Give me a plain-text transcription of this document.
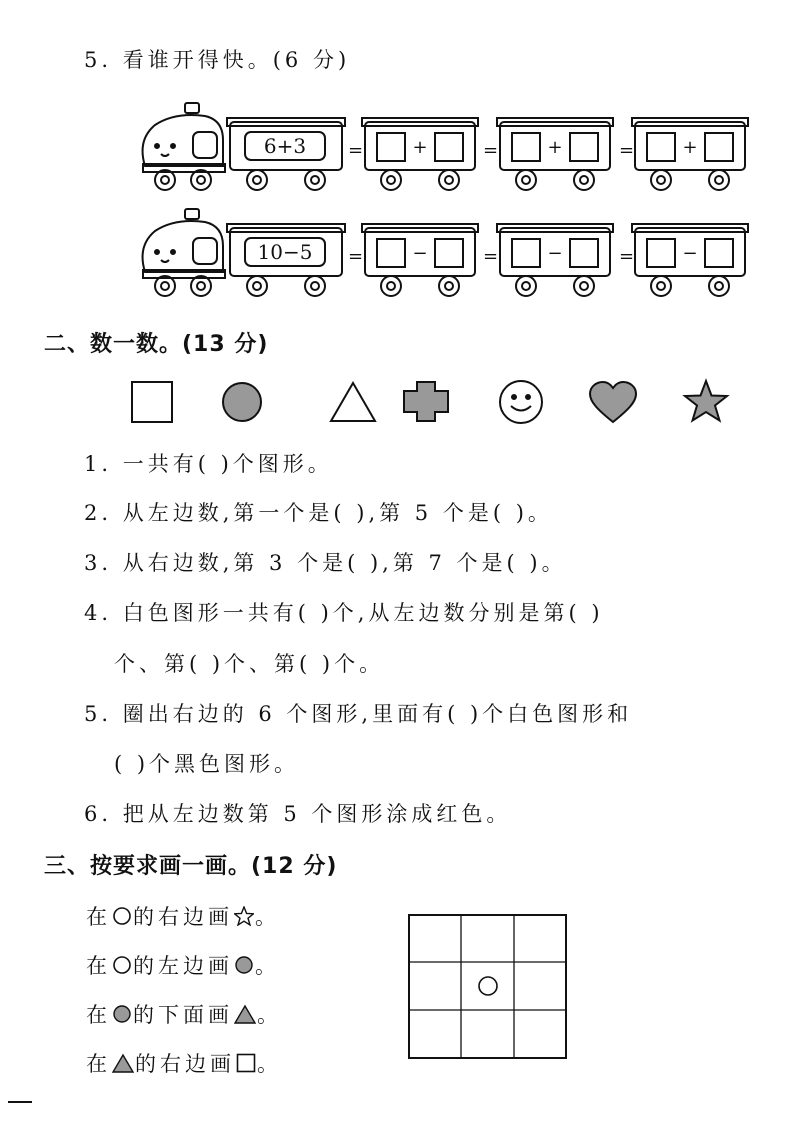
5. 看谁开得快。(6 分)
6+3 =	=	=
+	+	+
10−5 =	=	=
−	−	−
二、数一数。(13 分)
1. 一共有( )个图形。
2. 从左边数,第一个是( ),第 5 个是( )。
3. 从右边数,第 3 个是( ),第 7 个是( )。
4. 白色图形一共有( )个,从左边数分别是第( )
个、第( )个、第( )个。
5. 圈出右边的 6 个图形,里面有( )个白色图形和
( )个黑色图形。
6. 把从左边数第 5 个图形涂成红色。
三、按要求画一画。(12 分)
在 的右边画 。
在 的左边画 。
在 的下面画 。
在 的右边画 。
